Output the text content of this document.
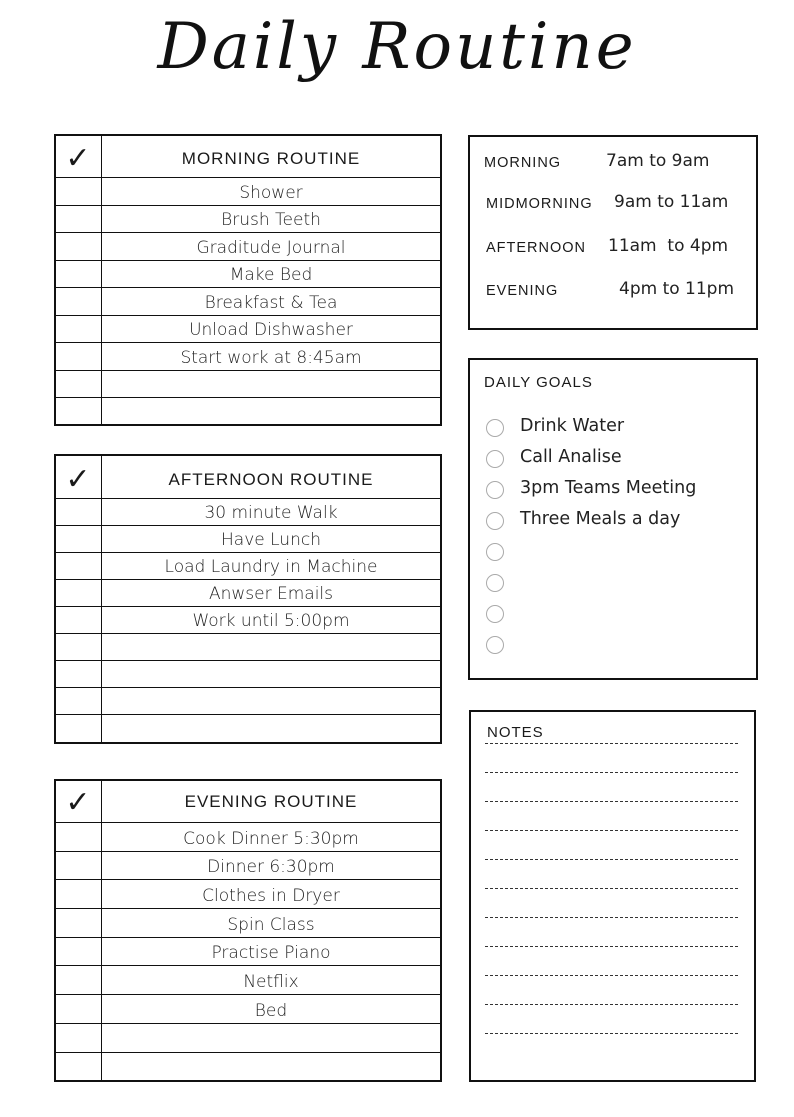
Daily Routine
✓	MORNING ROUTINE
Shower
Brush Teeth
Graditude Journal
Make Bed
Breakfast & Tea
Unload Dishwasher
Start work at 8:45am
✓	AFTERNOON ROUTINE
30 minute Walk
Have Lunch
Load Laundry in Machine
Anwser Emails
Work until 5:00pm
✓	EVENING ROUTINE
Cook Dinner 5:30pm
Dinner 6:30pm
Clothes in Dryer
Spin Class
Practise Piano
Netflix
Bed
MORNING	7am to 9am
MIDMORNING 9am to 11am
AFTERNOON 11am  to 4pm
EVENING	4pm to 11pm
DAILY GOALS
Drink Water
Call Analise
3pm Teams Meeting
Three Meals a day
NOTES
